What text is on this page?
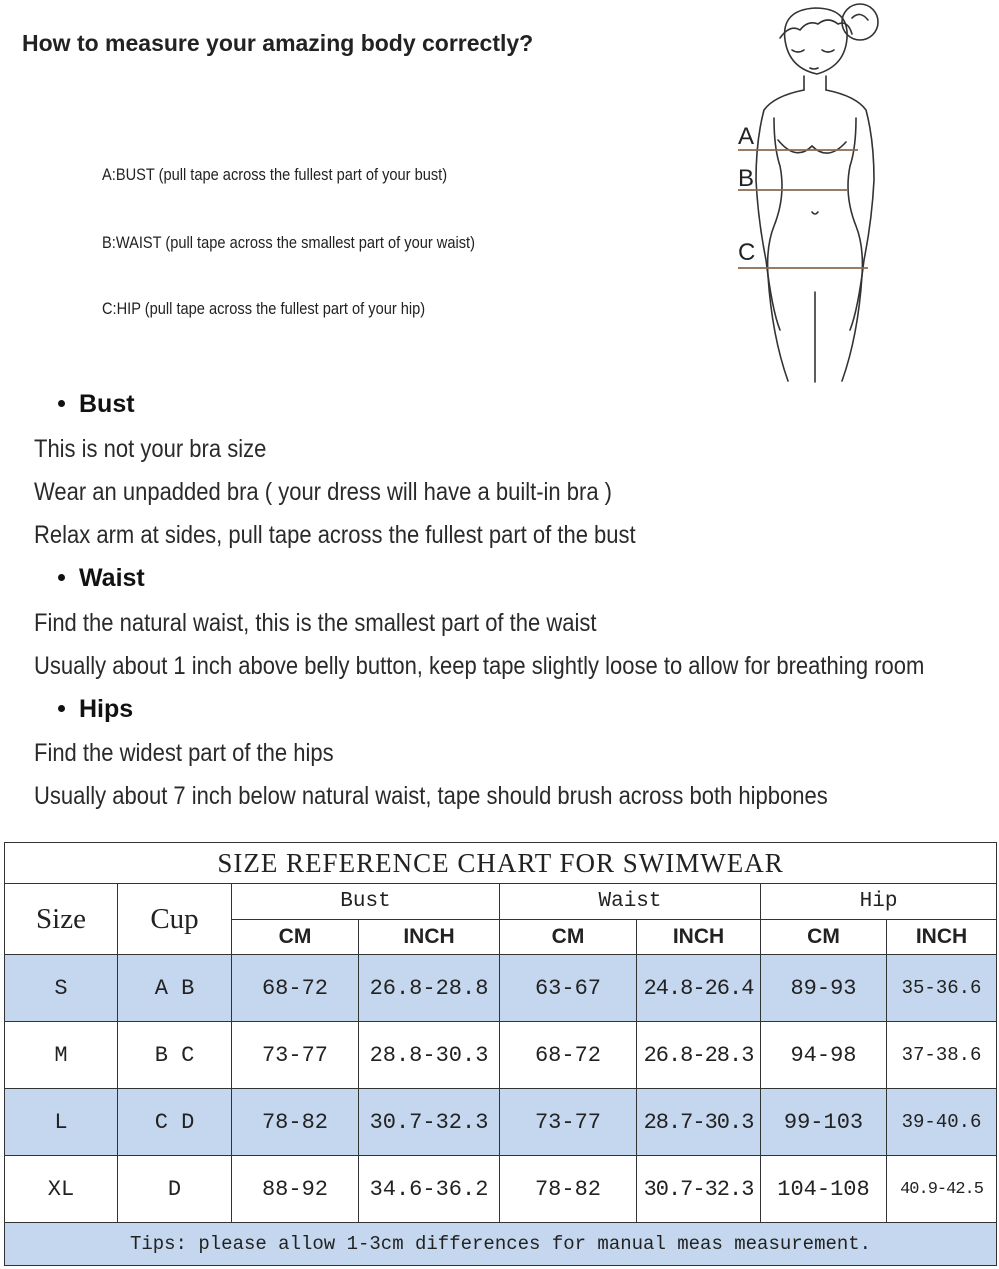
How to measure your amazing body correctly?
A:BUST (pull tape across the fullest part of your bust)
B:WAIST (pull tape across the smallest part of your waist)
C:HIP (pull tape across the fullest part of your hip)
A
B
C
Bust
This is not your bra size
Wear an unpadded bra ( your dress will have a built-in bra )
Relax arm at sides, pull tape across the fullest part of the bust
Waist
Find the natural waist, this is the smallest part of the waist
Usually about 1 inch above belly button, keep tape slightly loose to allow for breathing room
Hips
Find the widest part of the hips
Usually about 7 inch below natural waist, tape should brush across both hipbones
SIZE REFERENCE CHART FOR SWIMWEAR							
Size	Cup	Bust		Waist		Hip	
		CM	INCH	CM	INCH	CM	INCH
S	A B	68-72	26.8-28.8	63-67	24.8-26.4	89-93	35-36.6
M	B C	73-77	28.8-30.3	68-72	26.8-28.3	94-98	37-38.6
L	C D	78-82	30.7-32.3	73-77	28.7-30.3	99-103	39-40.6
XL	D	88-92	34.6-36.2	78-82	30.7-32.3	104-108	40.9-42.5
Tips: please allow 1-3cm differences for manual meas measurement.							
